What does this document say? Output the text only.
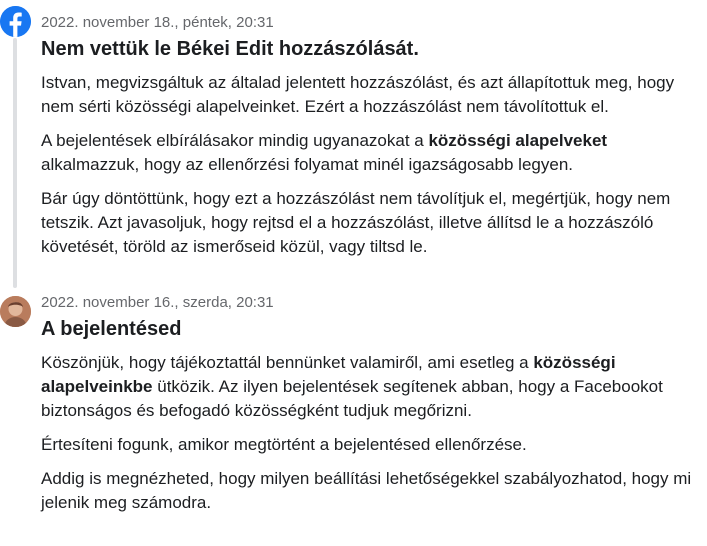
2022. november 18., péntek, 20:31
Nem vettük le Békei Edit hozzászólását.

Istvan, megvizsgáltuk az általad jelentett hozzászólást, és azt állapítottuk meg, hogy nem sérti közösségi alapelveinket. Ezért a hozzászólást nem távolítottuk el.

A bejelentések elbírálásakor mindig ugyanazokat a közösségi alapelveket alkalmazzuk, hogy az ellenőrzési folyamat minél igazságosabb legyen.

Bár úgy döntöttünk, hogy ezt a hozzászólást nem távolítjuk el, megértjük, hogy nem tetszik. Azt javasoljuk, hogy rejtsd el a hozzászólást, illetve állítsd le a hozzászóló követését, töröld az ismerőseid közül, vagy tiltsd le.

2022. november 16., szerda, 20:31
A bejelentésed

Köszönjük, hogy tájékoztattál bennünket valamiről, ami esetleg a közösségi alapelveinkbe ütközik. Az ilyen bejelentések segítenek abban, hogy a Facebookot biztonságos és befogadó közösségként tudjuk megőrizni.

Értesíteni fogunk, amikor megtörtént a bejelentésed ellenőrzése.

Addig is megnézheted, hogy milyen beállítási lehetőségekkel szabályozhatod, hogy mi jelenik meg számodra.
